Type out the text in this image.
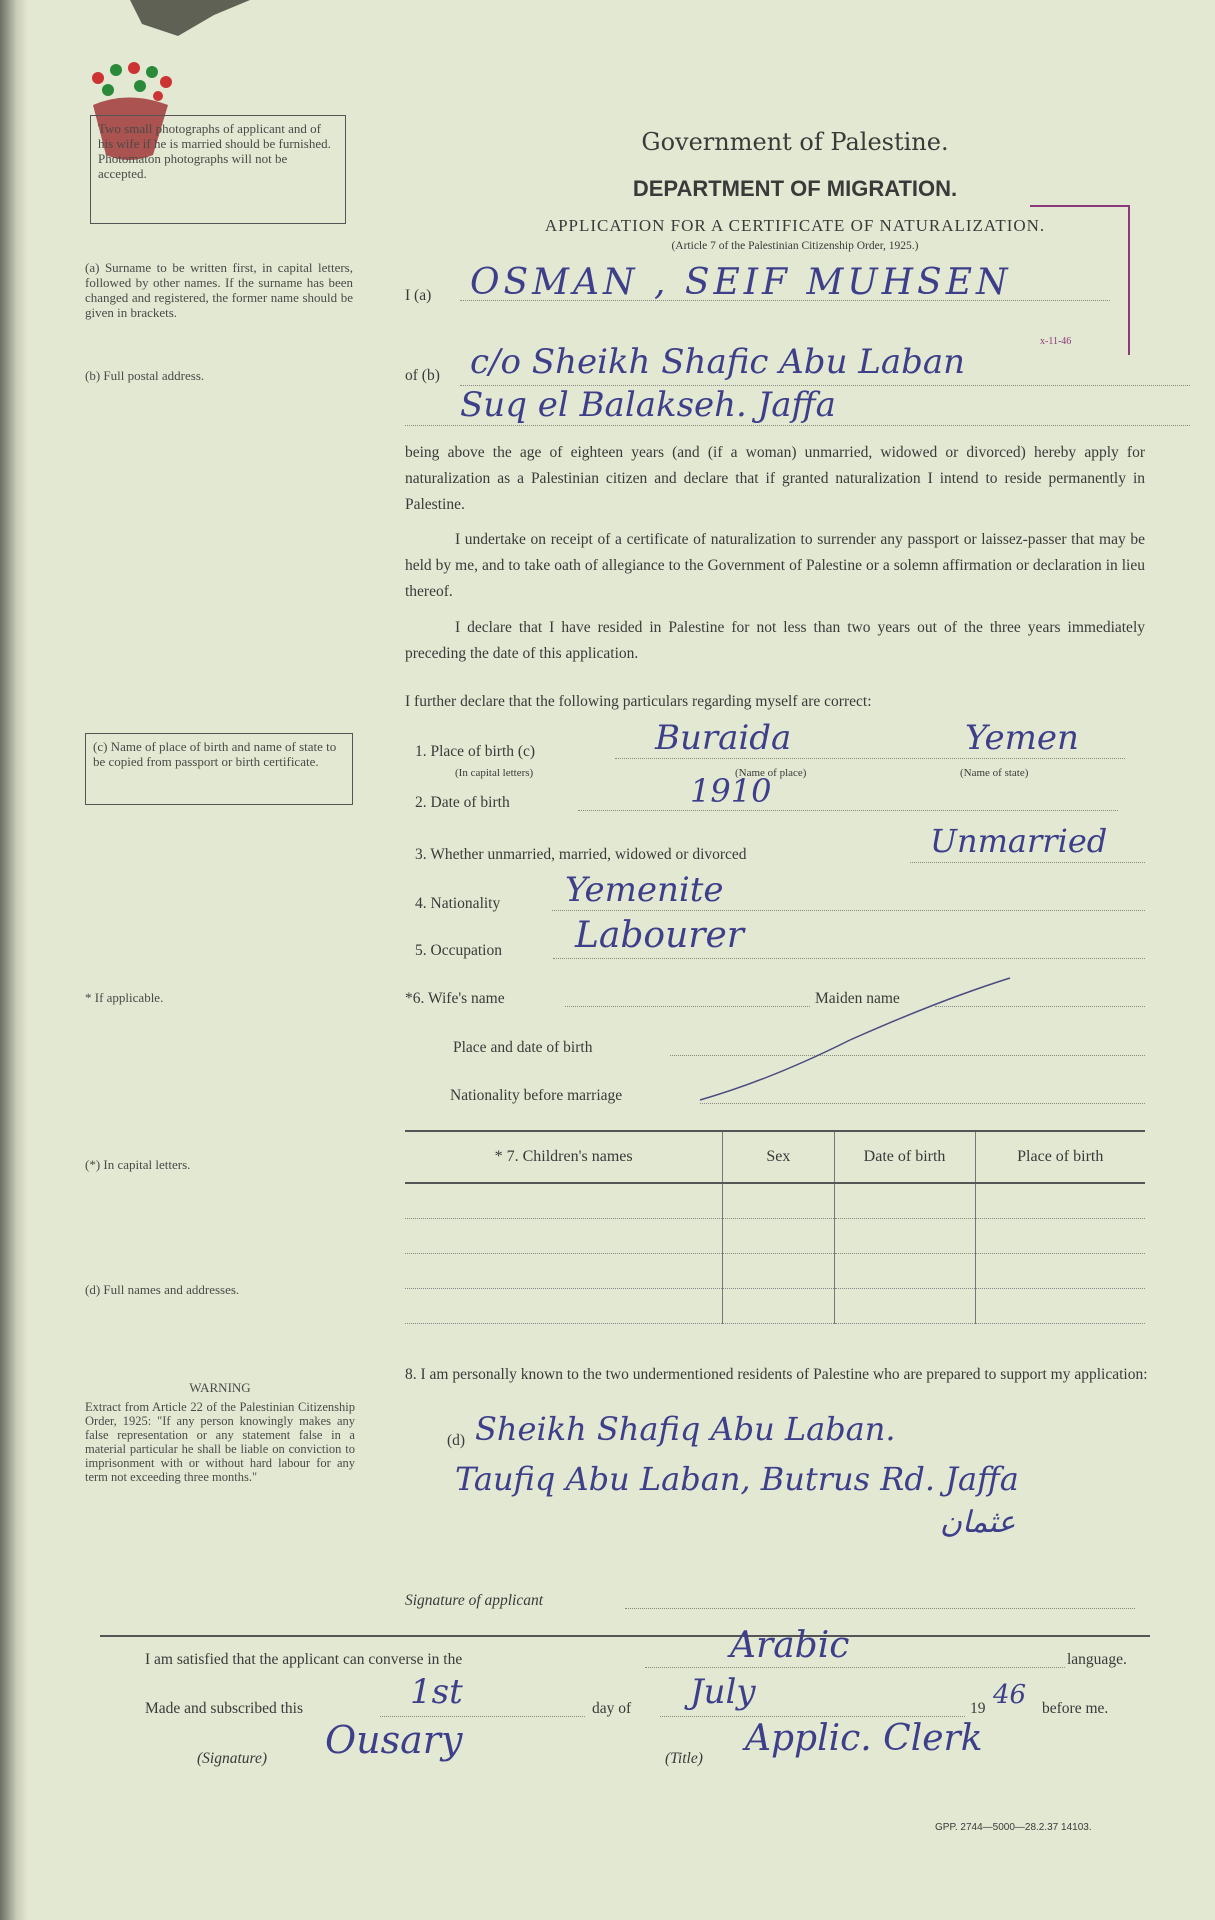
Two small photographs of applicant and of his wife if he is married should be furnished. Photomaton photographs will not be accepted.
(a) Surname to be written first, in capital letters, followed by other names. If the surname has been changed and registered, the former name should be given in brackets.
(b) Full postal address.
(c) Name of place of birth and name of state to be copied from passport or birth certificate.
* If applicable.
(*) In capital letters.
(d) Full names and addresses.
WARNING
Extract from Article 22 of the Palestinian Citizenship Order, 1925: "If any person knowingly makes any false representation or any statement false in a material particular he shall be liable on conviction to imprisonment with or without hard labour for any term not exceeding three months."
Government of Palestine.
DEPARTMENT OF MIGRATION.
APPLICATION FOR A CERTIFICATE OF NATURALIZATION.
(Article 7 of the Palestinian Citizenship Order, 1925.)
x-11-46
I (a) OSMAN , SEIF MUHSEN
of (b) c/o Sheikh Shafic Abu Laban
Suq el Balakseh. Jaffa
being above the age of eighteen years (and (if a woman) unmarried, widowed or divorced) hereby apply for naturalization as a Palestinian citizen and declare that if granted naturalization I intend to reside permanently in Palestine.
I undertake on receipt of a certificate of naturalization to surrender any passport or laissez-passer that may be held by me, and to take oath of allegiance to the Government of Palestine or a solemn affirmation or declaration in lieu thereof.
I declare that I have resided in Palestine for not less than two years out of the three years immediately preceding the date of this application.
I further declare that the following particulars regarding myself are correct:
1. Place of birth (c)	Buraida	Yemen
(In capital letters)	(Name of place)	(Name of state)
2. Date of birth	1910
3. Whether unmarried, married, widowed or divorced	Unmarried
4. Nationality Yemenite
5. Occupation Labourer
*6. Wife's name	Maiden name
Place and date of birth
Nationality before marriage
* 7. Children's names	Sex	Date of birth	Place of birth

8. I am personally known to the two undermentioned residents of Palestine who are prepared to support my application:
(d) Sheikh Shafiq Abu Laban.
Taufiq Abu Laban, Butrus Rd. Jaffa
عثمان
Signature of applicant
I am satisfied that the applicant can converse in the	Arabic	language.
Made and subscribed this	1st	day of July	19 46 before me.
(Signature) Ousary	(Title) Applic. Clerk
GPP. 2744—5000—28.2.37 14103.
